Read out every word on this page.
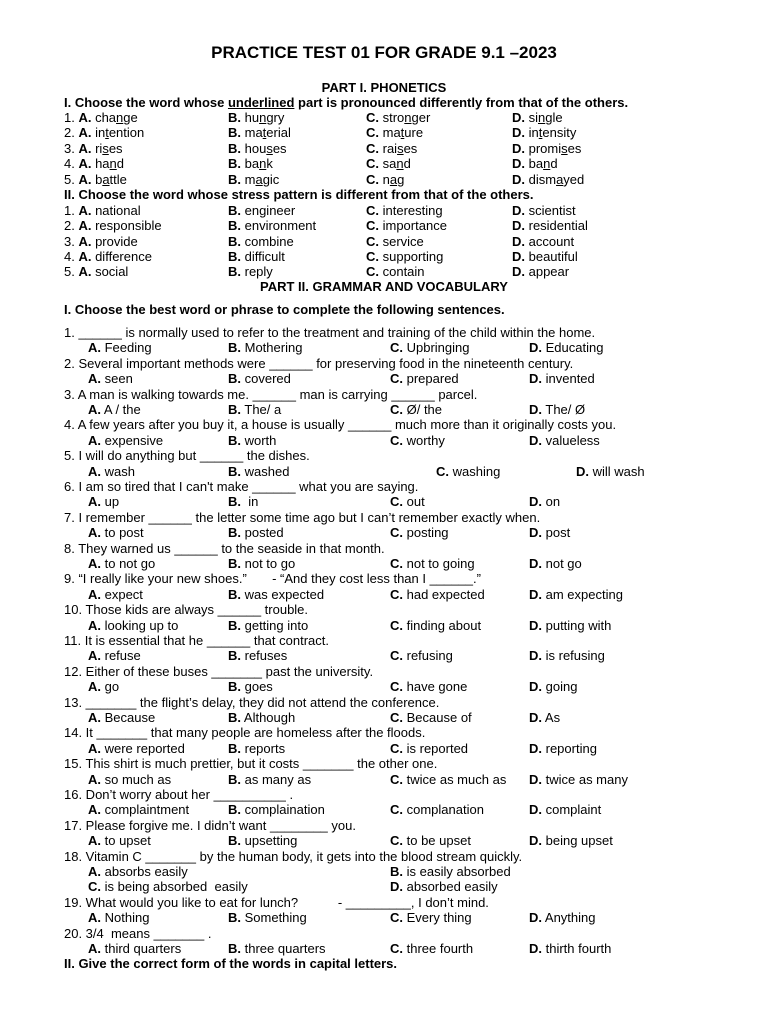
PRACTICE TEST 01 FOR GRADE 9.1 –2023
PART I. PHONETICS
I. Choose the word whose underlined part is pronounced differently from that of the others.
1. A. change	B. hungry	C. stronger	D. single
2. A. intention	B. material	C. mature	D. intensity
3. A. rises	B. houses	C. raises	D. promises
4. A. hand	B. bank	C. sand	D. band
5. A. battle	B. magic	C. nag	D. dismayed
II. Choose the word whose stress pattern is different from that of the others.
1. A. national	B. engineer	C. interesting	D. scientist
2. A. responsible	B. environment	C. importance	D. residential
3. A. provide	B. combine	C. service	D. account
4. A. difference	B. difficult	C. supporting	D. beautiful
5. A. social	B. reply	C. contain	D. appear
PART II. GRAMMAR AND VOCABULARY
I. Choose the best word or phrase to complete the following sentences.
1. ______ is normally used to refer to the treatment and training of the child within the home.
A. Feeding	B. Mothering	C. Upbringing	D. Educating
2. Several important methods were ______ for preserving food in the nineteenth century.
A. seen	B. covered	C. prepared	D. invented
3. A man is walking towards me. ______ man is carrying ______ parcel.
A. A / the	B. The/ a	C. Ø/ the	D. The/ Ø
4. A few years after you buy it, a house is usually ______ much more than it originally costs you.
A. expensive	B. worth	C. worthy	D. valueless
5. I will do anything but ______ the dishes.
A. wash	B. washed	C. washing	D. will wash
6. I am so tired that I can't make ______ what you are saying.
A. up	B.  in	C. out	D. on
7. I remember ______ the letter some time ago but I can’t remember exactly when.
A. to post	B. posted	C. posting	D. post
8. They warned us ______ to the seaside in that month.
A. to not go	B. not to go	C. not to going	D. not go
9. “I really like your new shoes.”       - “And they cost less than I ______.”
A. expect	B. was expected	C. had expected	D. am expecting
10. Those kids are always ______ trouble.
A. looking up to	B. getting into	C. finding about	D. putting with
11. It is essential that he ______ that contract.
A. refuse	B. refuses	C. refusing	D. is refusing
12. Either of these buses _______ past the university.
A. go	B. goes	C. have gone	D. going
13. _______ the flight’s delay, they did not attend the conference.
A. Because	B. Although	C. Because of	D. As
14. It _______ that many people are homeless after the floods.
A. were reported	B. reports	C. is reported	D. reporting
15. This shirt is much prettier, but it costs _______ the other one.
A. so much as	B. as many as	C. twice as much as D. twice as many
16. Don’t worry about her __________ .
A. complaintment	B. complaination	C. complanation	D. complaint
17. Please forgive me. I didn’t want ________ you.
A. to upset	B. upsetting	C. to be upset	D. being upset
18. Vitamin C _______ by the human body, it gets into the blood stream quickly.
A. absorbs easily	B. is easily absorbed
C. is being absorbed  easily	D. absorbed easily
19. What would you like to eat for lunch?           - _________, I don’t mind.
A. Nothing	B. Something	C. Every thing	D. Anything
20. 3/4  means _______ .
A. third quarters	B. three quarters	C. three fourth	D. thirth fourth
II. Give the correct form of the words in capital letters.
